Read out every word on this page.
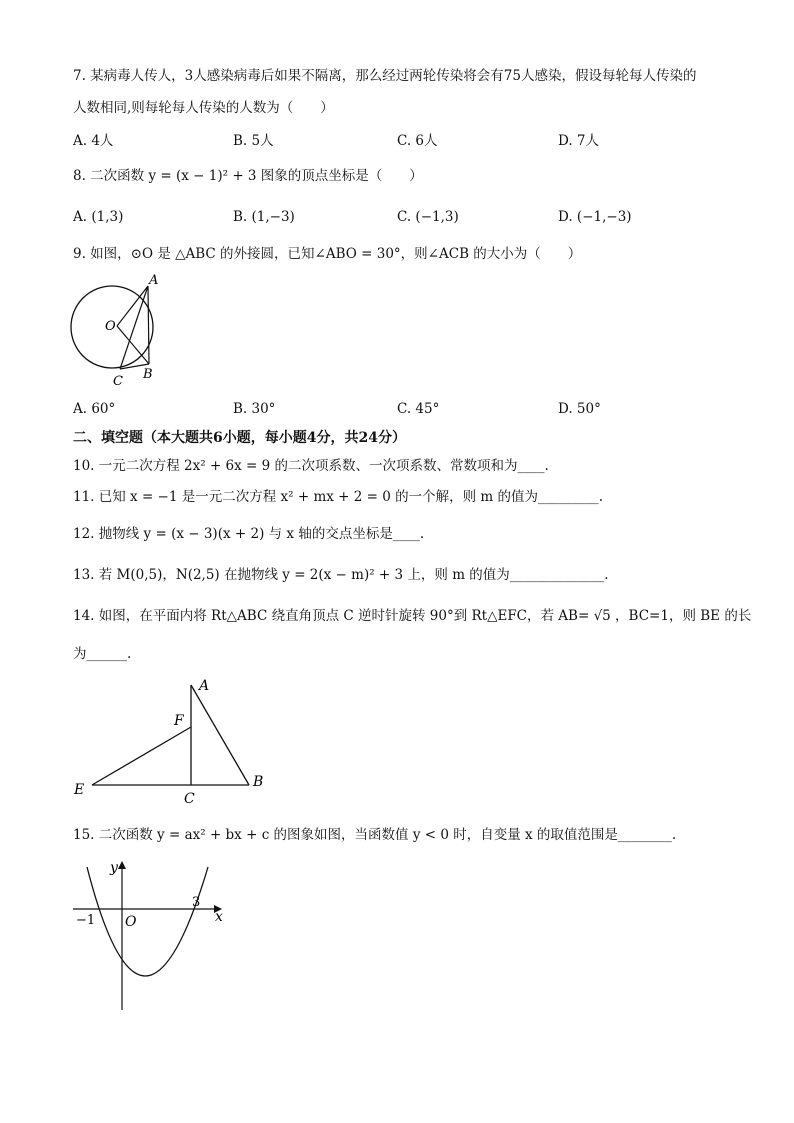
7. 某病毒人传人，3人感染病毒后如果不隔离，那么经过两轮传染将会有75人感染，假设每轮每人传染的
人数相同,则每轮每人传染的人数为（　　）
A. 4人	B. 5人	C. 6人	D. 7人
8. 二次函数 y = (x − 1)² + 3 图象的顶点坐标是（　　）
A. (1,3)	B. (1,−3)	C. (−1,3)	D. (−1,−3)
9. 如图，⊙O 是 △ABC 的外接圆，已知∠ABO = 30°，则∠ACB 的大小为（　　）
A
O
C B
A. 60°	B. 30°	C. 45°	D. 50°
二、填空题（本大题共6小题，每小题4分，共24分）
10. 一元二次方程 2x² + 6x = 9 的二次项系数、一次项系数、常数项和为____.
11. 已知 x = −1 是一元二次方程 x² + mx + 2 = 0 的一个解，则 m 的值为_________.
12. 抛物线 y = (x − 3)(x + 2) 与 x 轴的交点坐标是____.
13. 若 M(0,5)，N(2,5) 在抛物线 y = 2(x − m)² + 3 上，则 m 的值为______________.
14. 如图，在平面内将 Rt△ABC 绕直角顶点 C 逆时针旋转 90°到 Rt△EFC，若 AB= √5 ，BC=1，则 BE 的长
为______.
A
F
E
C
B
15. 二次函数 y = ax² + bx + c 的图象如图，当函数值 y < 0 时，自变量 x 的取值范围是________.
y
x
O
−1
3
